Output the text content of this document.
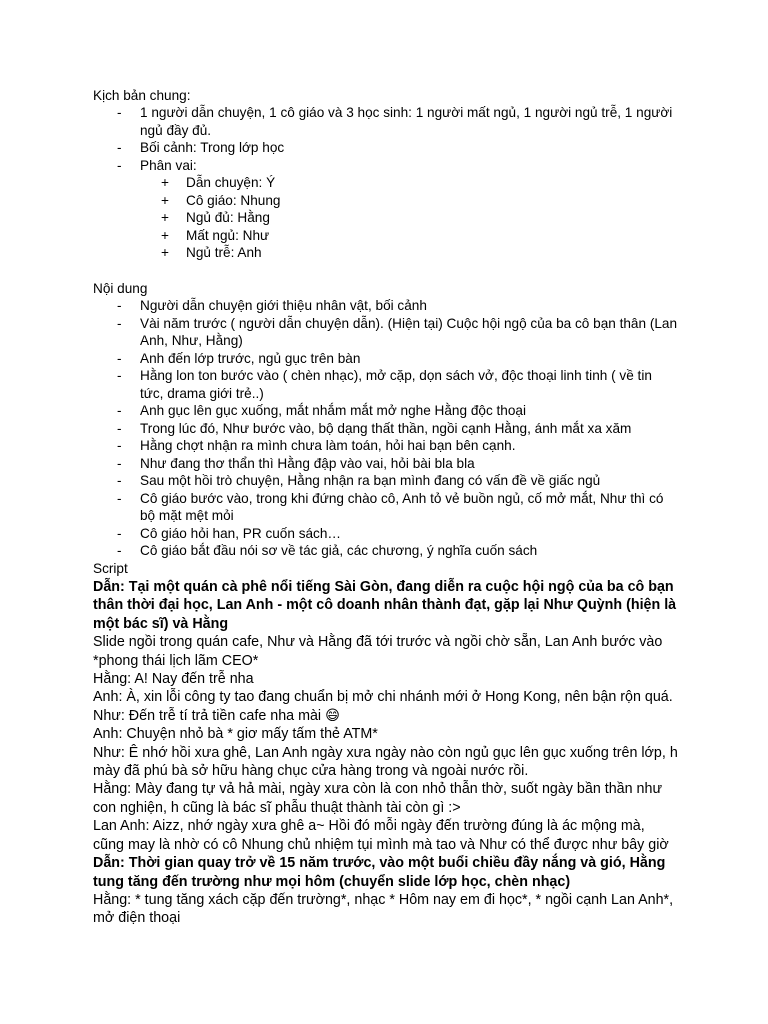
Kịch bản chung:

- 1 người dẫn chuyện, 1 cô giáo và 3 học sinh: 1 người mất ngủ, 1 người ngủ trễ, 1 người ngủ đầy đủ.
- Bối cảnh: Trong lớp học
- Phân vai:
+ Dẫn chuyện: Ý
+ Cô giáo: Nhung
+ Ngủ đủ: Hằng
+ Mất ngủ: Như
+ Ngủ trễ: Anh

Nội dung

- Người dẫn chuyện giới thiệu nhân vật, bối cảnh
- Vài năm trước ( người dẫn chuyện dẫn). (Hiện tại) Cuộc hội ngộ của ba cô bạn thân (Lan Anh, Như, Hằng)
- Anh đến lớp trước, ngủ gục trên bàn
- Hằng lon ton bước vào ( chèn nhạc), mở cặp, dọn sách vở, độc thoại linh tinh ( về tin tức, drama giới trẻ..)
- Anh gục lên gục xuống, mắt nhắm mắt mở nghe Hằng độc thoại
- Trong lúc đó, Như bước vào, bộ dạng thất thần, ngồi cạnh Hằng, ánh mắt xa xăm
- Hằng chợt nhận ra mình chưa làm toán, hỏi hai bạn bên cạnh.
- Như đang thơ thẩn thì Hằng đập vào vai, hỏi bài bla bla
- Sau một hồi trò chuyện, Hằng nhận ra bạn mình đang có vấn đề về giấc ngủ
- Cô giáo bước vào, trong khi đứng chào cô, Anh tỏ vẻ buồn ngủ, cố mở mắt, Như thì có bộ mặt mệt mỏi
- Cô giáo hỏi han, PR cuốn sách…
- Cô giáo bắt đầu nói sơ về tác giả, các chương, ý nghĩa cuốn sách

Script

Dẫn: Tại một quán cà phê nổi tiếng Sài Gòn, đang diễn ra cuộc hội ngộ của ba cô bạn thân thời đại học, Lan Anh - một cô doanh nhân thành đạt, gặp lại Như Quỳnh (hiện là một bác sĩ) và Hằng

Slide ngồi trong quán cafe, Như và Hằng đã tới trước và ngồi chờ sẵn, Lan Anh bước vào *phong thái lịch lãm CEO*

Hằng: A! Nay đến trễ nha

Anh: À, xin lỗi công ty tao đang chuẩn bị mở chi nhánh mới ở Hong Kong, nên bận rộn quá.

Như: Đến trễ tí trả tiền cafe nha mài 😄

Anh: Chuyện nhỏ bà * giơ mấy tấm thẻ ATM*

Như: Ê nhớ hồi xưa ghê, Lan Anh ngày xưa ngày nào còn ngủ gục lên gục xuống trên lớp, h mày đã phú bà sở hữu hàng chục cửa hàng trong và ngoài nước rồi.

Hằng: Mày đang tự vả hả mài, ngày xưa còn là con nhỏ thẫn thờ, suốt ngày bần thần như con nghiện, h cũng là bác sĩ phẫu thuật thành tài còn gì :>

Lan Anh: Aizz, nhớ ngày xưa ghê a~ Hồi đó mỗi ngày đến trường đúng là ác mộng mà, cũng may là nhờ có cô Nhung chủ nhiệm tụi mình mà tao và Như có thể được như bây giờ

Dẫn: Thời gian quay trở về 15 năm trước, vào một buổi chiều đầy nắng và gió, Hằng tung tăng đến trường như mọi hôm (chuyển slide lớp học, chèn nhạc)

Hằng: * tung tăng xách cặp đến trường*, nhạc * Hôm nay em đi học*, * ngồi cạnh Lan Anh*, mở điện thoại
